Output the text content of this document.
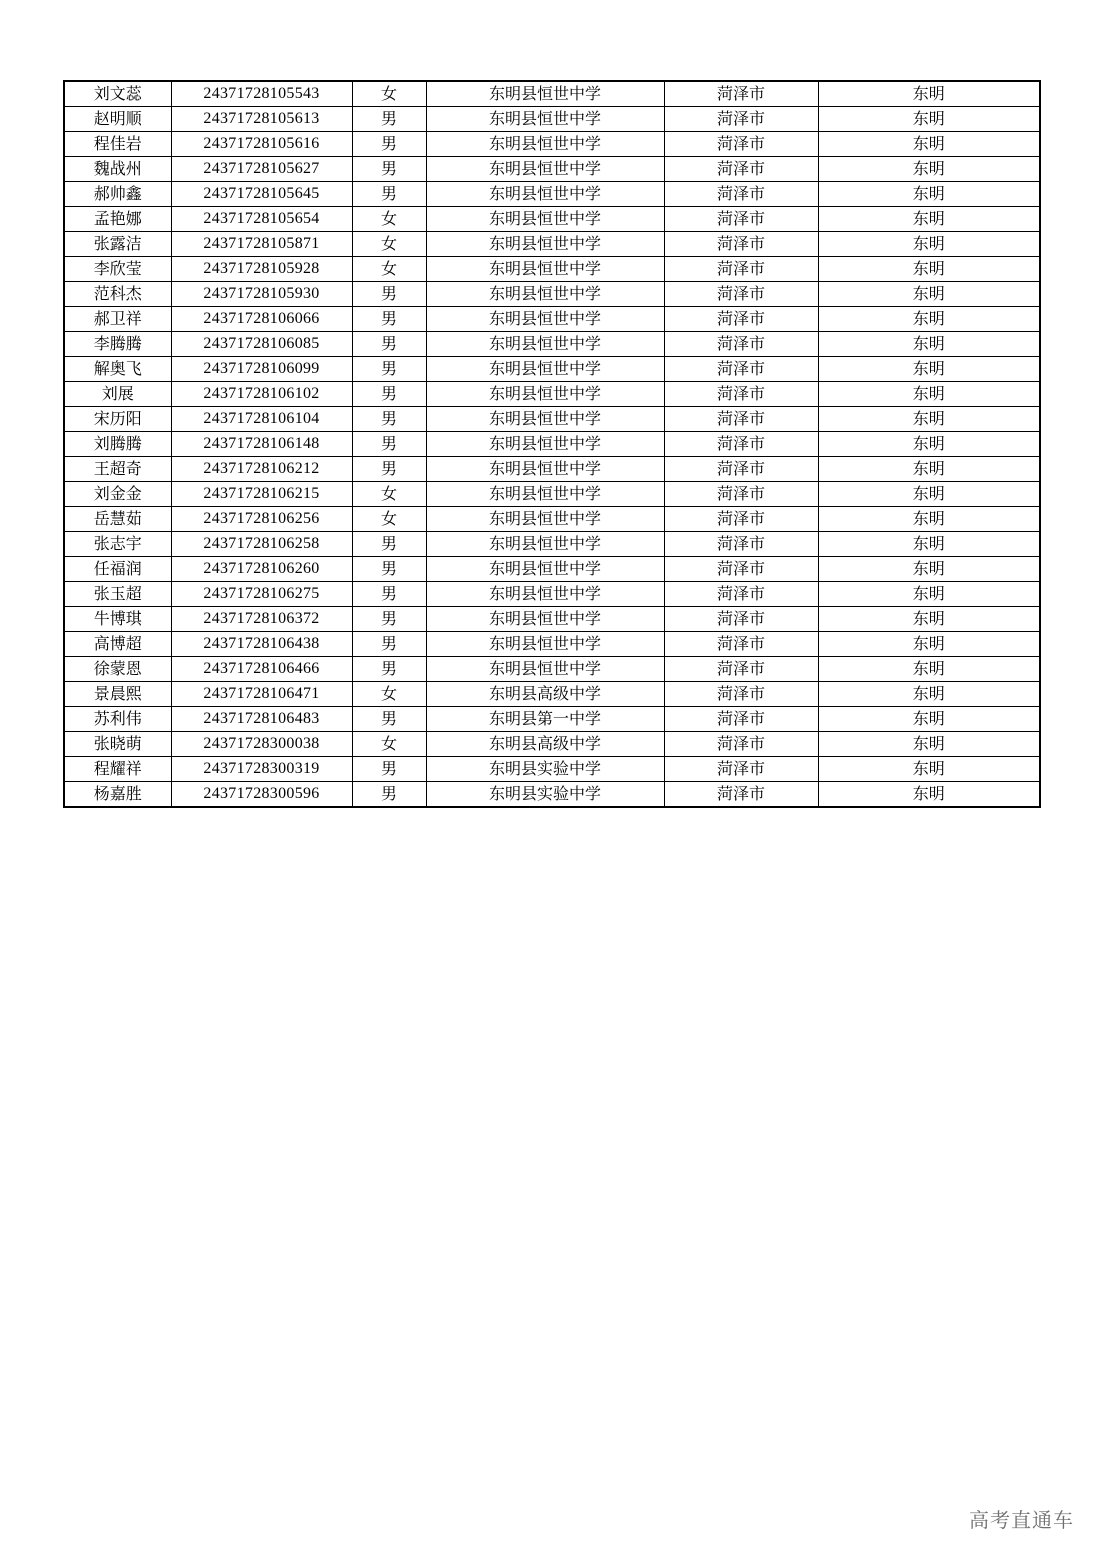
刘文蕊	24371728105543	女	东明县恒世中学	菏泽市	东明
赵明顺	24371728105613	男	东明县恒世中学	菏泽市	东明
程佳岩	24371728105616	男	东明县恒世中学	菏泽市	东明
魏战州	24371728105627	男	东明县恒世中学	菏泽市	东明
郝帅鑫	24371728105645	男	东明县恒世中学	菏泽市	东明
孟艳娜	24371728105654	女	东明县恒世中学	菏泽市	东明
张露洁	24371728105871	女	东明县恒世中学	菏泽市	东明
李欣莹	24371728105928	女	东明县恒世中学	菏泽市	东明
范科杰	24371728105930	男	东明县恒世中学	菏泽市	东明
郝卫祥	24371728106066	男	东明县恒世中学	菏泽市	东明
李腾腾	24371728106085	男	东明县恒世中学	菏泽市	东明
解奥飞	24371728106099	男	东明县恒世中学	菏泽市	东明
刘展	24371728106102	男	东明县恒世中学	菏泽市	东明
宋历阳	24371728106104	男	东明县恒世中学	菏泽市	东明
刘腾腾	24371728106148	男	东明县恒世中学	菏泽市	东明
王超奇	24371728106212	男	东明县恒世中学	菏泽市	东明
刘金金	24371728106215	女	东明县恒世中学	菏泽市	东明
岳慧茹	24371728106256	女	东明县恒世中学	菏泽市	东明
张志宇	24371728106258	男	东明县恒世中学	菏泽市	东明
任福润	24371728106260	男	东明县恒世中学	菏泽市	东明
张玉超	24371728106275	男	东明县恒世中学	菏泽市	东明
牛博琪	24371728106372	男	东明县恒世中学	菏泽市	东明
高博超	24371728106438	男	东明县恒世中学	菏泽市	东明
徐蒙恩	24371728106466	男	东明县恒世中学	菏泽市	东明
景晨熙	24371728106471	女	东明县高级中学	菏泽市	东明
苏利伟	24371728106483	男	东明县第一中学	菏泽市	东明
张晓萌	24371728300038	女	东明县高级中学	菏泽市	东明
程耀祥	24371728300319	男	东明县实验中学	菏泽市	东明
杨嘉胜	24371728300596	男	东明县实验中学	菏泽市	东明
高考直通车
